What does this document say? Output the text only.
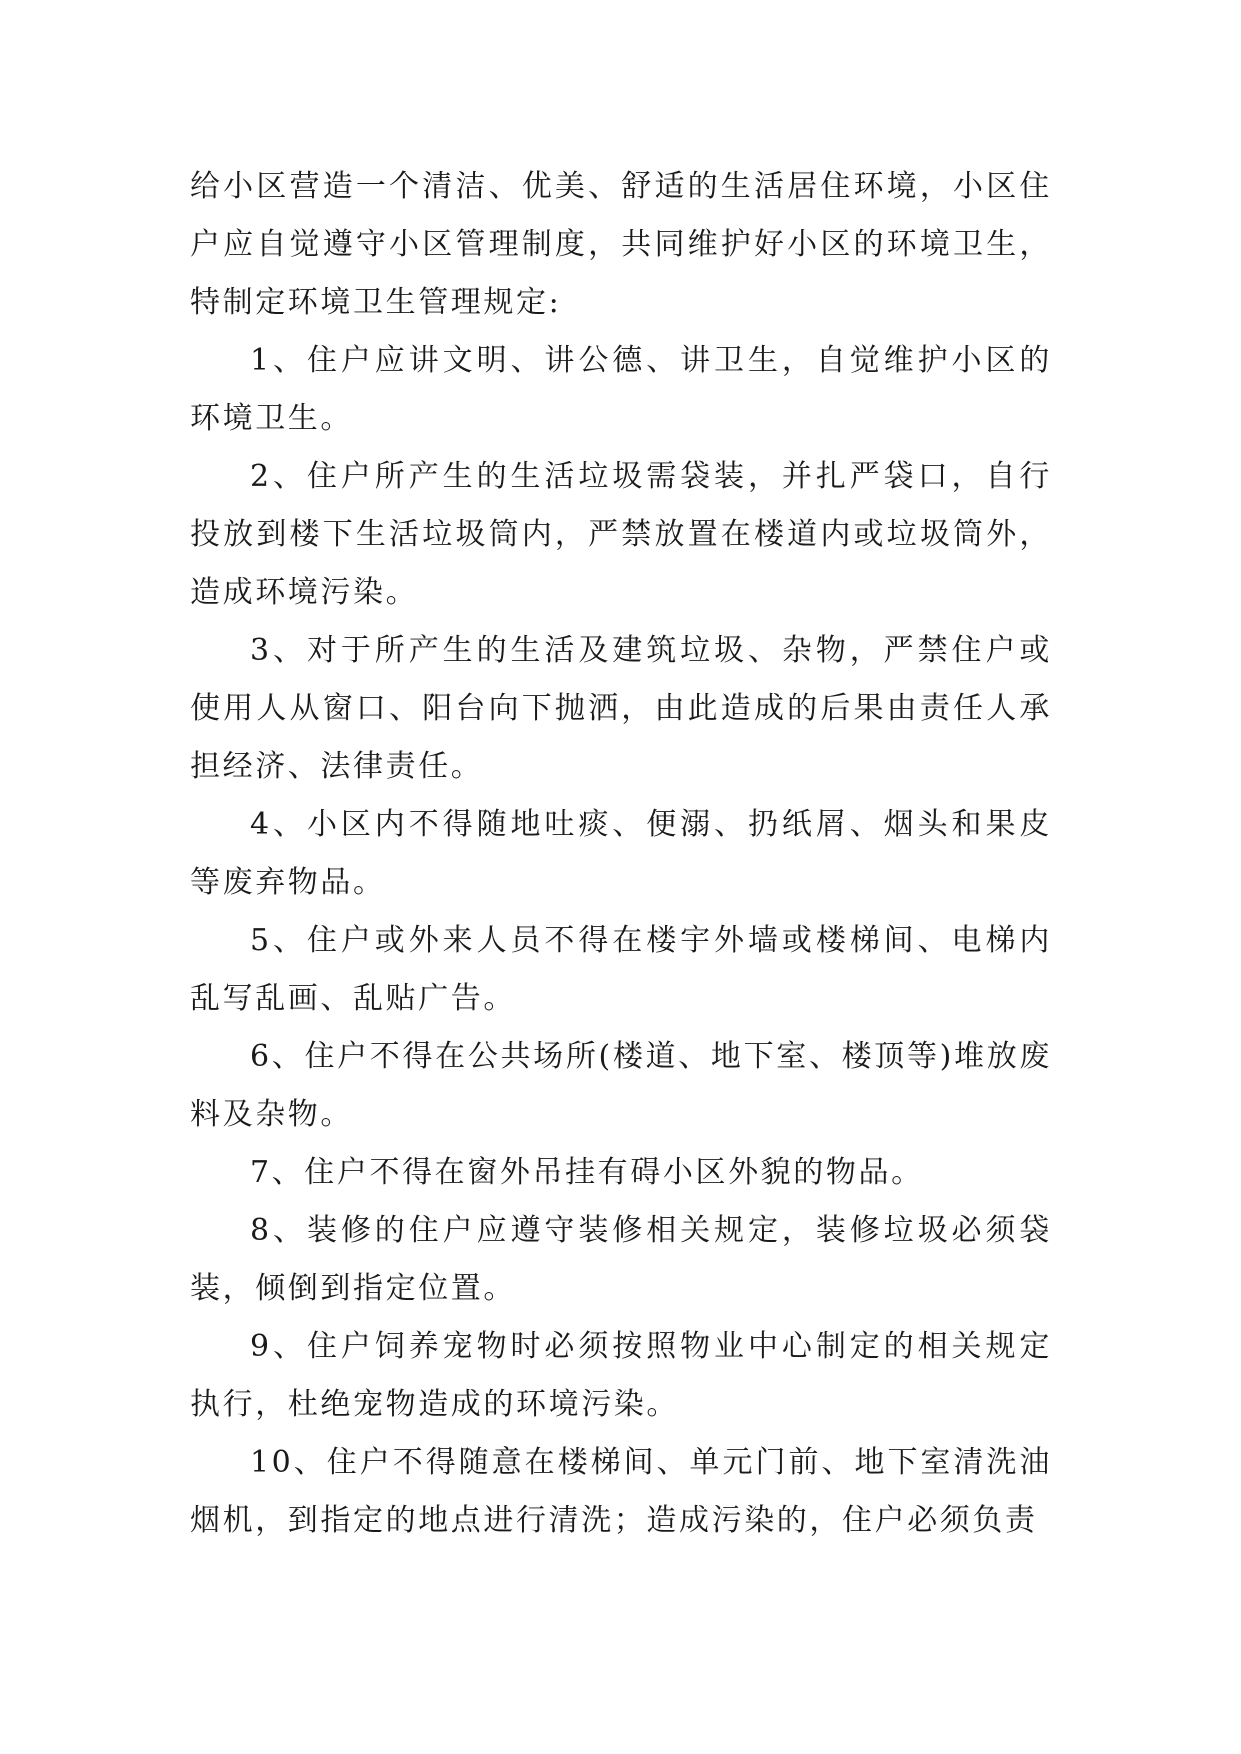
给小区营造一个清洁、优美、舒适的生活居住环境，小区住户应自觉遵守小区管理制度，共同维护好小区的环境卫生，特制定环境卫生管理规定:

1、住户应讲文明、讲公德、讲卫生，自觉维护小区的环境卫生。

2、住户所产生的生活垃圾需袋装，并扎严袋口，自行投放到楼下生活垃圾筒内，严禁放置在楼道内或垃圾筒外，造成环境污染。

3、对于所产生的生活及建筑垃圾、杂物，严禁住户或使用人从窗口、阳台向下抛洒，由此造成的后果由责任人承担经济、法律责任。

4、小区内不得随地吐痰、便溺、扔纸屑、烟头和果皮等废弃物品。

5、住户或外来人员不得在楼宇外墙或楼梯间、电梯内乱写乱画、乱贴广告。

6、住户不得在公共场所(楼道、地下室、楼顶等)堆放废料及杂物。

7、住户不得在窗外吊挂有碍小区外貌的物品。

8、装修的住户应遵守装修相关规定，装修垃圾必须袋装，倾倒到指定位置。

9、住户饲养宠物时必须按照物业中心制定的相关规定执行，杜绝宠物造成的环境污染。

10、住户不得随意在楼梯间、单元门前、地下室清洗油烟机，到指定的地点进行清洗；造成污染的，住户必须负责
